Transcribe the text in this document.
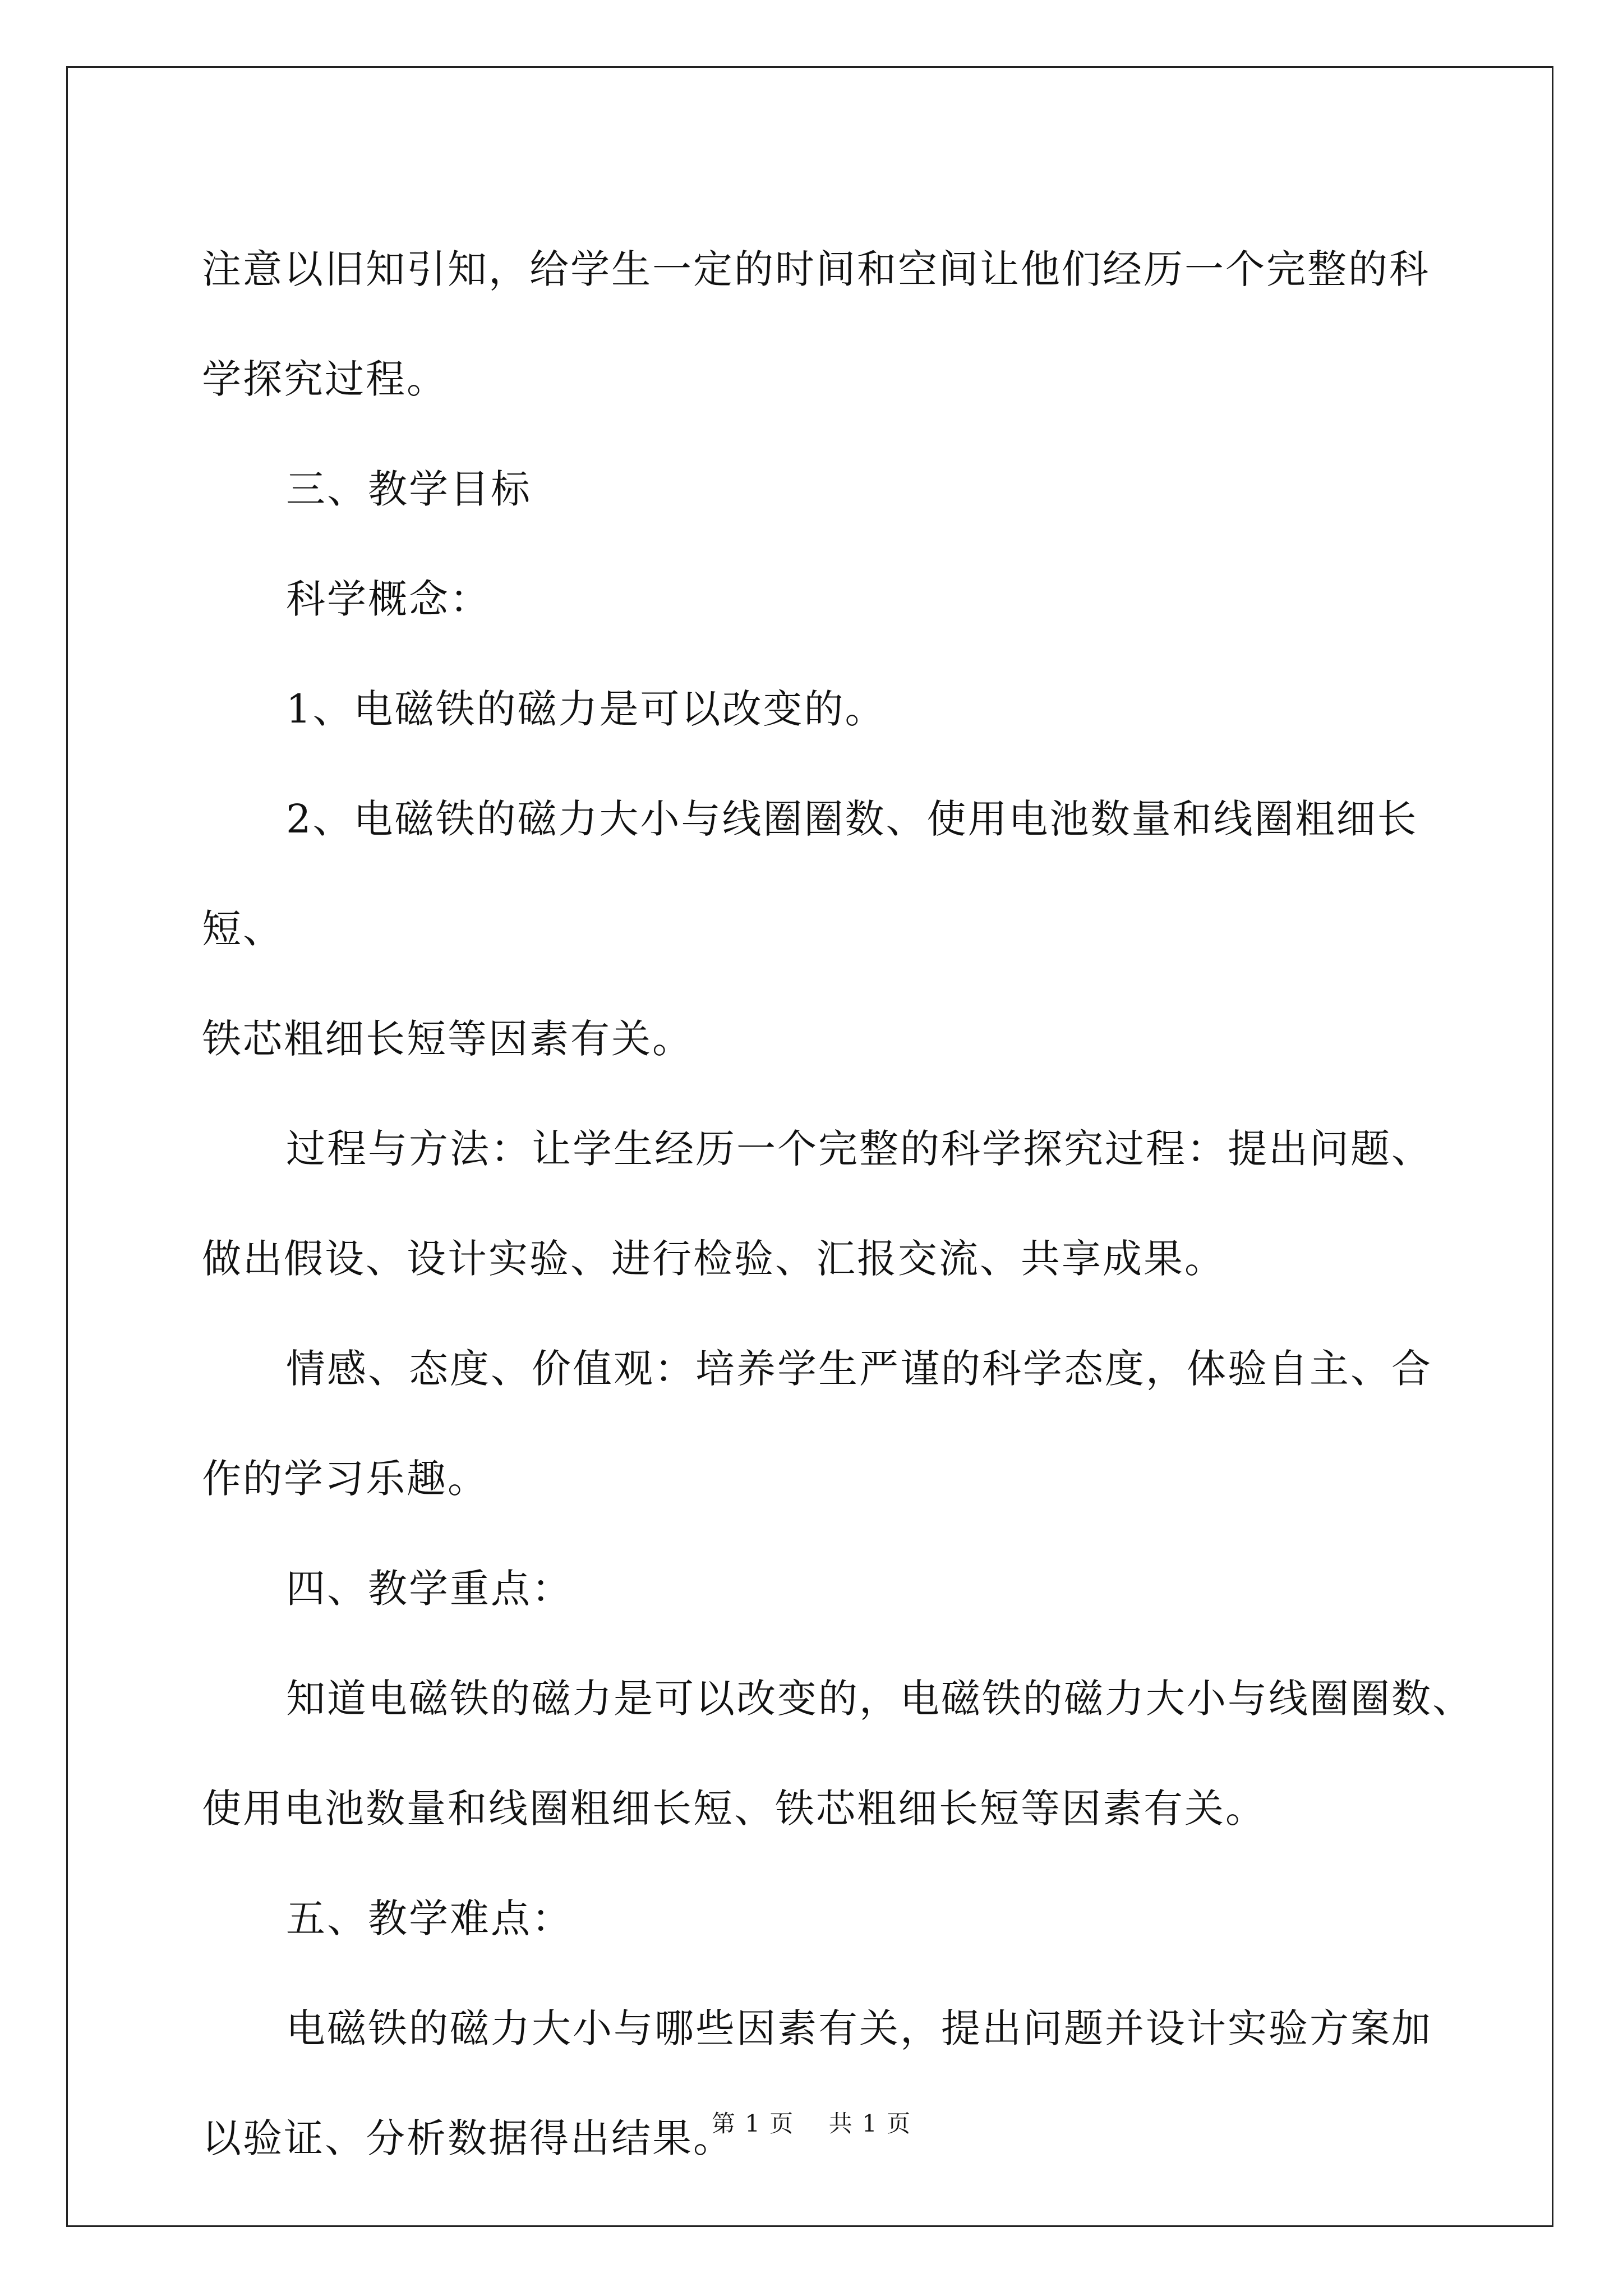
注意以旧知引知，给学生一定的时间和空间让他们经历一个完整的科
学探究过程。

三、教学目标

科学概念：

1、电磁铁的磁力是可以改变的。

2、电磁铁的磁力大小与线圈圈数、使用电池数量和线圈粗细长短、
铁芯粗细长短等因素有关。

过程与方法：让学生经历一个完整的科学探究过程：提出问题、
做出假设、设计实验、进行检验、汇报交流、共享成果。

情感、态度、价值观：培养学生严谨的科学态度，体验自主、合
作的学习乐趣。

四、教学重点：

知道电磁铁的磁力是可以改变的，电磁铁的磁力大小与线圈圈数、
使用电池数量和线圈粗细长短、铁芯粗细长短等因素有关。

五、教学难点：

电磁铁的磁力大小与哪些因素有关，提出问题并设计实验方案加
以验证、分析数据得出结果。

第 1 页    共 1 页
